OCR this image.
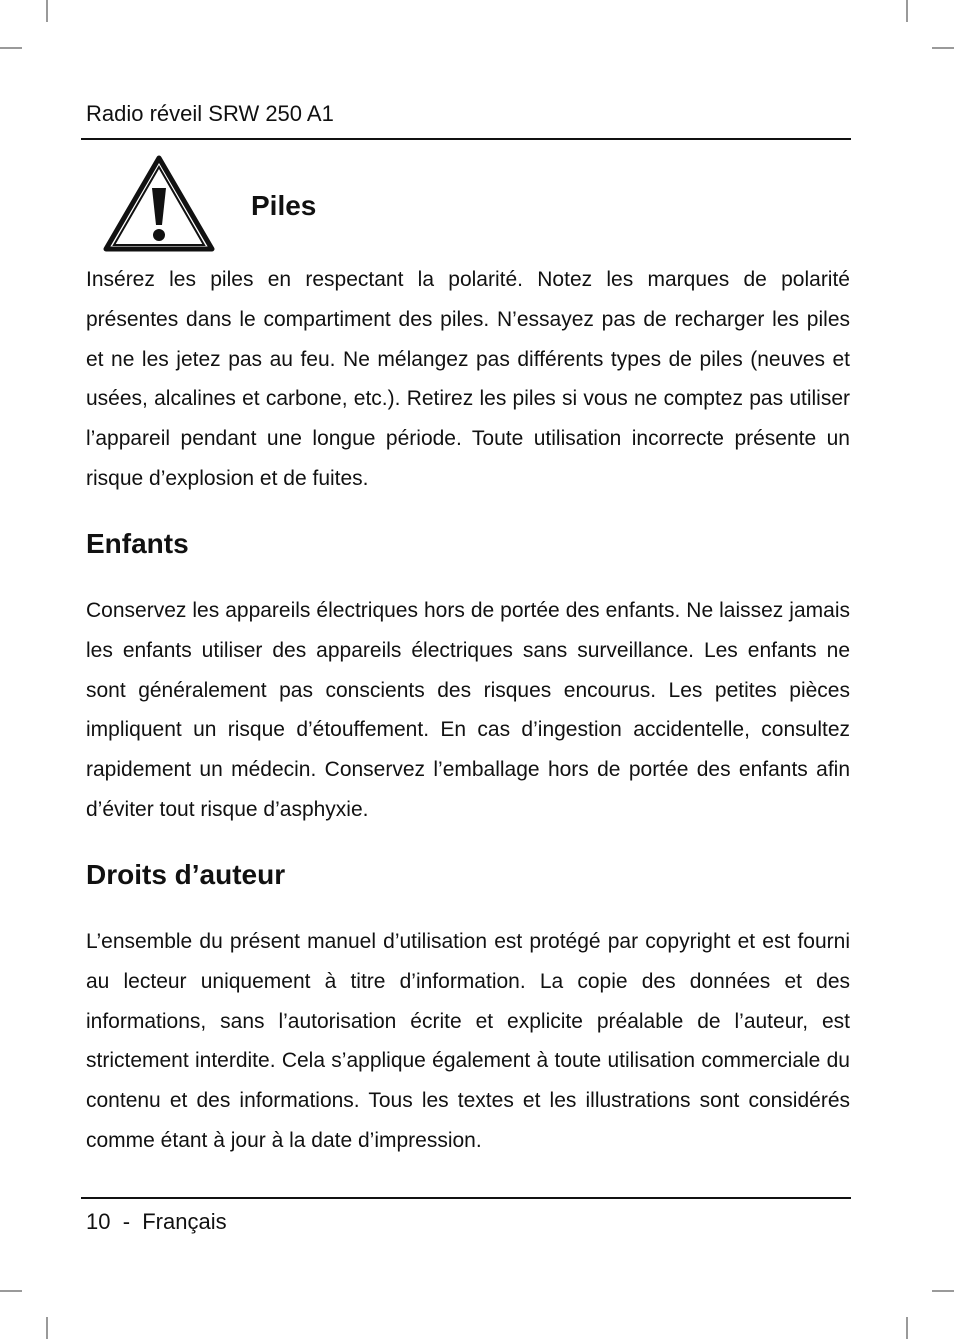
Radio réveil SRW 250 A1
Piles

Insérez les piles en respectant la polarité. Notez les marques de polarité présentes dans le compartiment des piles. N’essayez pas de recharger les piles et ne les jetez pas au feu. Ne mélangez pas différents types de piles (neuves et usées, alcalines et carbone, etc.). Retirez les piles si vous ne comptez pas utiliser l’appareil pendant une longue période. Toute utilisation incorrecte présente un risque d’explosion et de fuites.

Enfants

Conservez les appareils électriques hors de portée des enfants. Ne laissez jamais les enfants utiliser des appareils électriques sans surveillance. Les enfants ne sont généralement pas conscients des risques encourus. Les petites pièces impliquent un risque d’étouffement. En cas d’ingestion accidentelle, consultez rapidement un médecin. Conservez l’emballage hors de portée des enfants afin d’éviter tout risque d’asphyxie.

Droits d’auteur

L’ensemble du présent manuel d’utilisation est protégé par copyright et est fourni au lecteur uniquement à titre d’information. La copie des données et des informations, sans l’autorisation écrite et explicite préalable de l’auteur, est strictement interdite. Cela s’applique également à toute utilisation commerciale du contenu et des informations. Tous les textes et les illustrations sont considérés comme étant à jour à la date d’impression.

10  -  Français
